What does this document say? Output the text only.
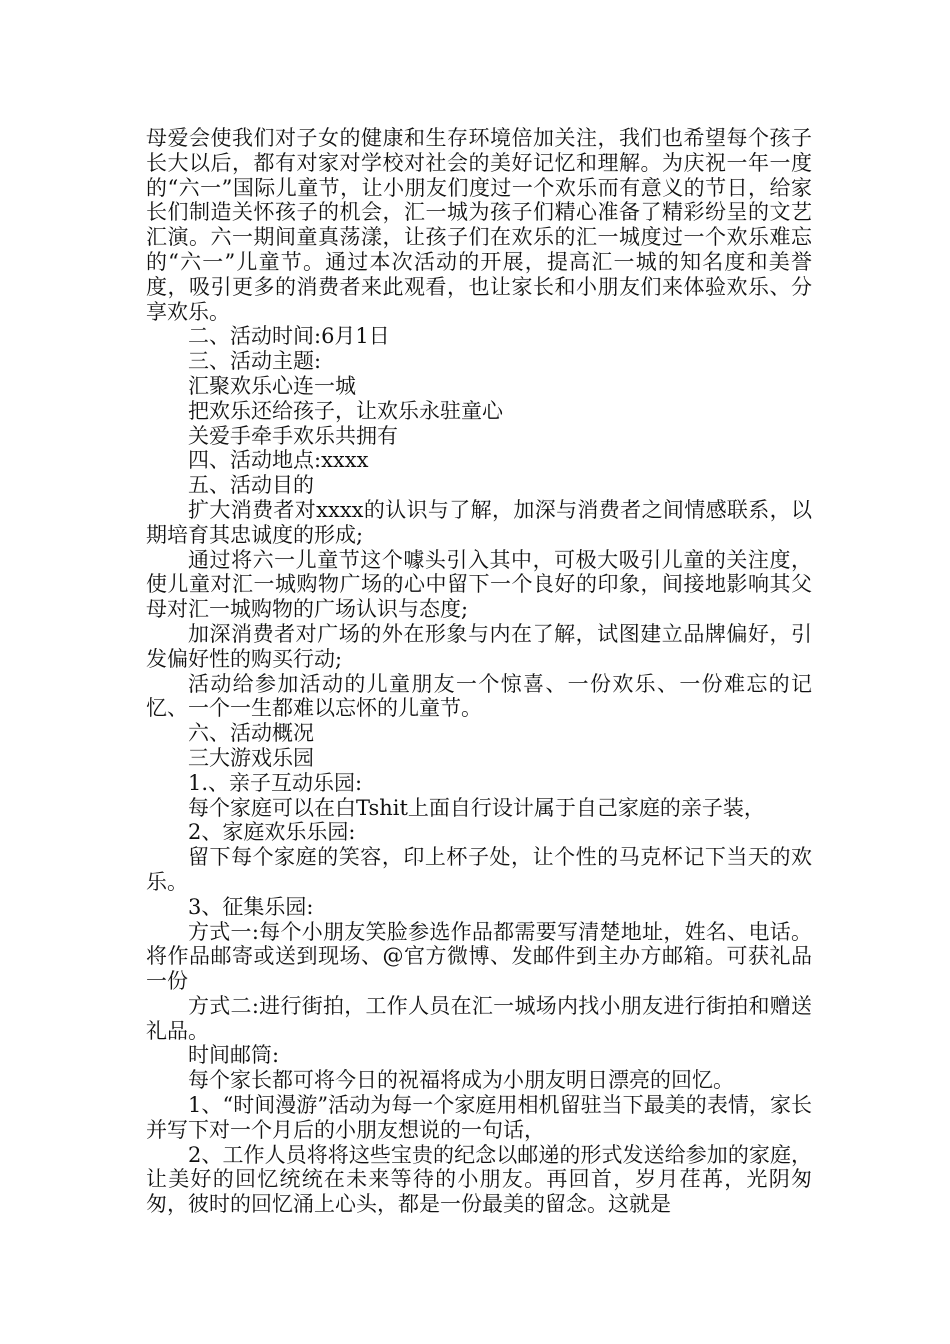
母爱会使我们对子女的健康和生存环境倍加关注，我们也希望每个孩子长大以后，都有对家对学校对社会的美好记忆和理解。为庆祝一年一度的“六一”国际儿童节，让小朋友们度过一个欢乐而有意义的节日，给家长们制造关怀孩子的机会，汇一城为孩子们精心准备了精彩纷呈的文艺汇演。六一期间童真荡漾，让孩子们在欢乐的汇一城度过一个欢乐难忘的“六一”儿童节。通过本次活动的开展，提高汇一城的知名度和美誉度，吸引更多的消费者来此观看，也让家长和小朋友们来体验欢乐、分享欢乐。

二、活动时间:6月1日

三、活动主题:

汇聚欢乐心连一城

把欢乐还给孩子，让欢乐永驻童心

关爱手牵手欢乐共拥有

四、活动地点:xxxx

五、活动目的

扩大消费者对xxxx的认识与了解，加深与消费者之间情感联系，以期培育其忠诚度的形成;

通过将六一儿童节这个噱头引入其中，可极大吸引儿童的关注度，使儿童对汇一城购物广场的心中留下一个良好的印象，间接地影响其父母对汇一城购物的广场认识与态度;

加深消费者对广场的外在形象与内在了解，试图建立品牌偏好，引发偏好性的购买行动;

活动给参加活动的儿童朋友一个惊喜、一份欢乐、一份难忘的记忆、一个一生都难以忘怀的儿童节。

六、活动概况

三大游戏乐园

1.、亲子互动乐园:

每个家庭可以在白Tshit上面自行设计属于自己家庭的亲子装，

2、家庭欢乐乐园:

留下每个家庭的笑容，印上杯子处，让个性的马克杯记下当天的欢乐。

3、征集乐园:

方式一:每个小朋友笑脸参选作品都需要写清楚地址，姓名、电话。将作品邮寄或送到现场、@官方微博、发邮件到主办方邮箱。可获礼品一份

方式二:进行街拍，工作人员在汇一城场内找小朋友进行街拍和赠送礼品。

时间邮筒:

每个家长都可将今日的祝福将成为小朋友明日漂亮的回忆。

1、“时间漫游”活动为每一个家庭用相机留驻当下最美的表情，家长并写下对一个月后的小朋友想说的一句话，

2、工作人员将将这些宝贵的纪念以邮递的形式发送给参加的家庭，让美好的回忆统统在未来等待的小朋友。再回首，岁月荏苒，光阴匆匆，彼时的回忆涌上心头，都是一份最美的留念。这就是
